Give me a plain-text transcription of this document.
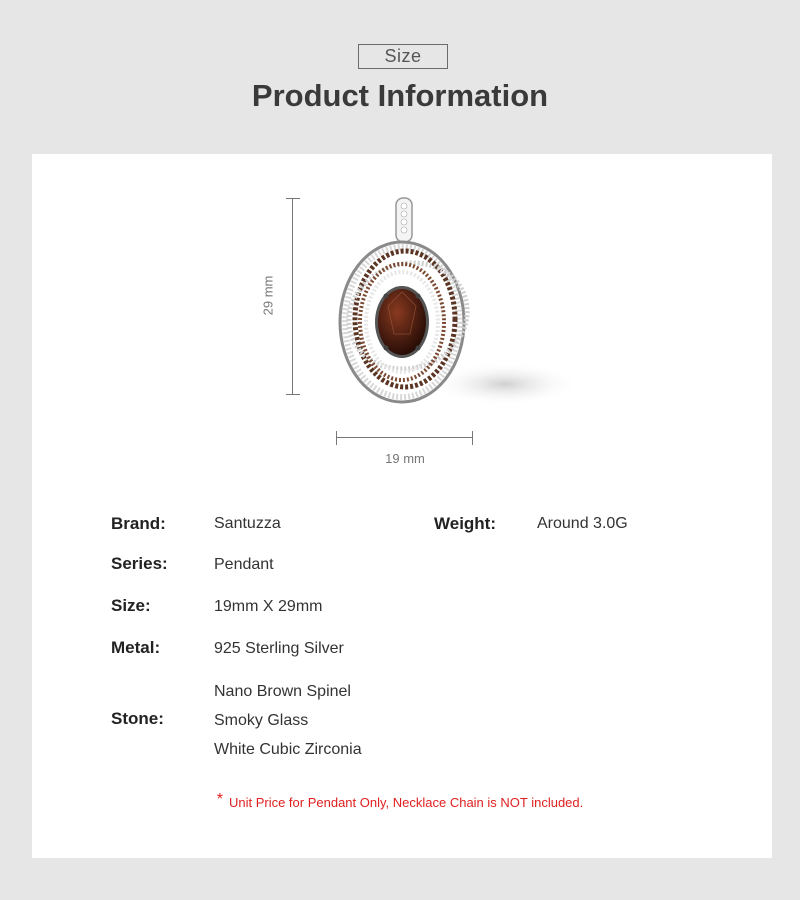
Size
Product Information
29 mm
19 mm
Brand:	Santuzza	Weight:	Around 3.0G
Series:	Pendant
Size:	19mm X 29mm
Metal:	925 Sterling Silver
Stone:
Nano Brown Spinel
Smoky Glass
White Cubic Zirconia
* Unit Price for Pendant Only, Necklace Chain is NOT included.
